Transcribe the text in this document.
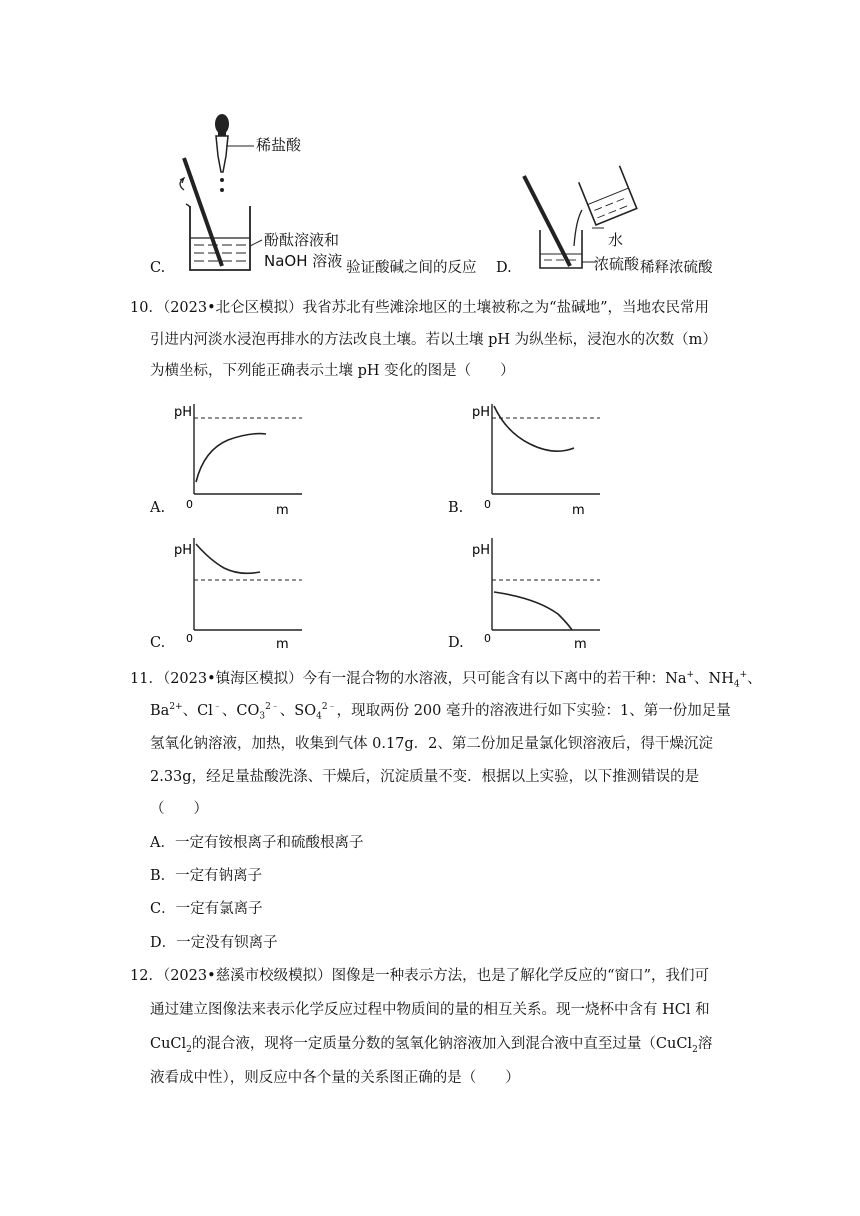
稀盐酸
酚酞溶液和
NaOH 溶液
C.	验证酸碱之间的反应
水
D.	浓硫酸 稀释浓硫酸
10．（2023•北仑区模拟）我省苏北有些滩涂地区的土壤被称之为“盐碱地”，当地农民常用
引进内河淡水浸泡再排水的方法改良土壤。若以土壤 pH 为纵坐标，浸泡水的次数（m）
为横坐标，下列能正确表示土壤 pH 变化的图是（　　）
A.
pH
0	m	B.
pH
0	m
C.
pH
0	m	D.
pH
0	m
11．（2023•镇海区模拟）今有一混合物的水溶液，只可能含有以下离中的若干种：Na+、$NH_4^+$、
$Ba^{2+}$、Cl﹣、$CO_3^{2﹣}$、$SO_4^{2﹣}$，现取两份 200 毫升的溶液进行如下实验：1、第一份加足量
氢氧化钠溶液，加热，收集到气体 0.17g．2、第二份加足量氯化钡溶液后，得干燥沉淀
2.33g，经足量盐酸洗涤、干燥后，沉淀质量不变．根据以上实验，以下推测错误的是
（　　）
A．一定有铵根离子和硫酸根离子
B．一定有钠离子
C．一定有氯离子
D．一定没有钡离子
12．（2023•慈溪市校级模拟）图像是一种表示方法，也是了解化学反应的“窗口”，我们可
通过建立图像法来表示化学反应过程中物质间的量的相互关系。现一烧杯中含有 HCl 和
CuCl$_2$的混合液，现将一定质量分数的氢氧化钠溶液加入到混合液中直至过量（CuCl$_2$溶
液看成中性），则反应中各个量的关系图正确的是（　　）
